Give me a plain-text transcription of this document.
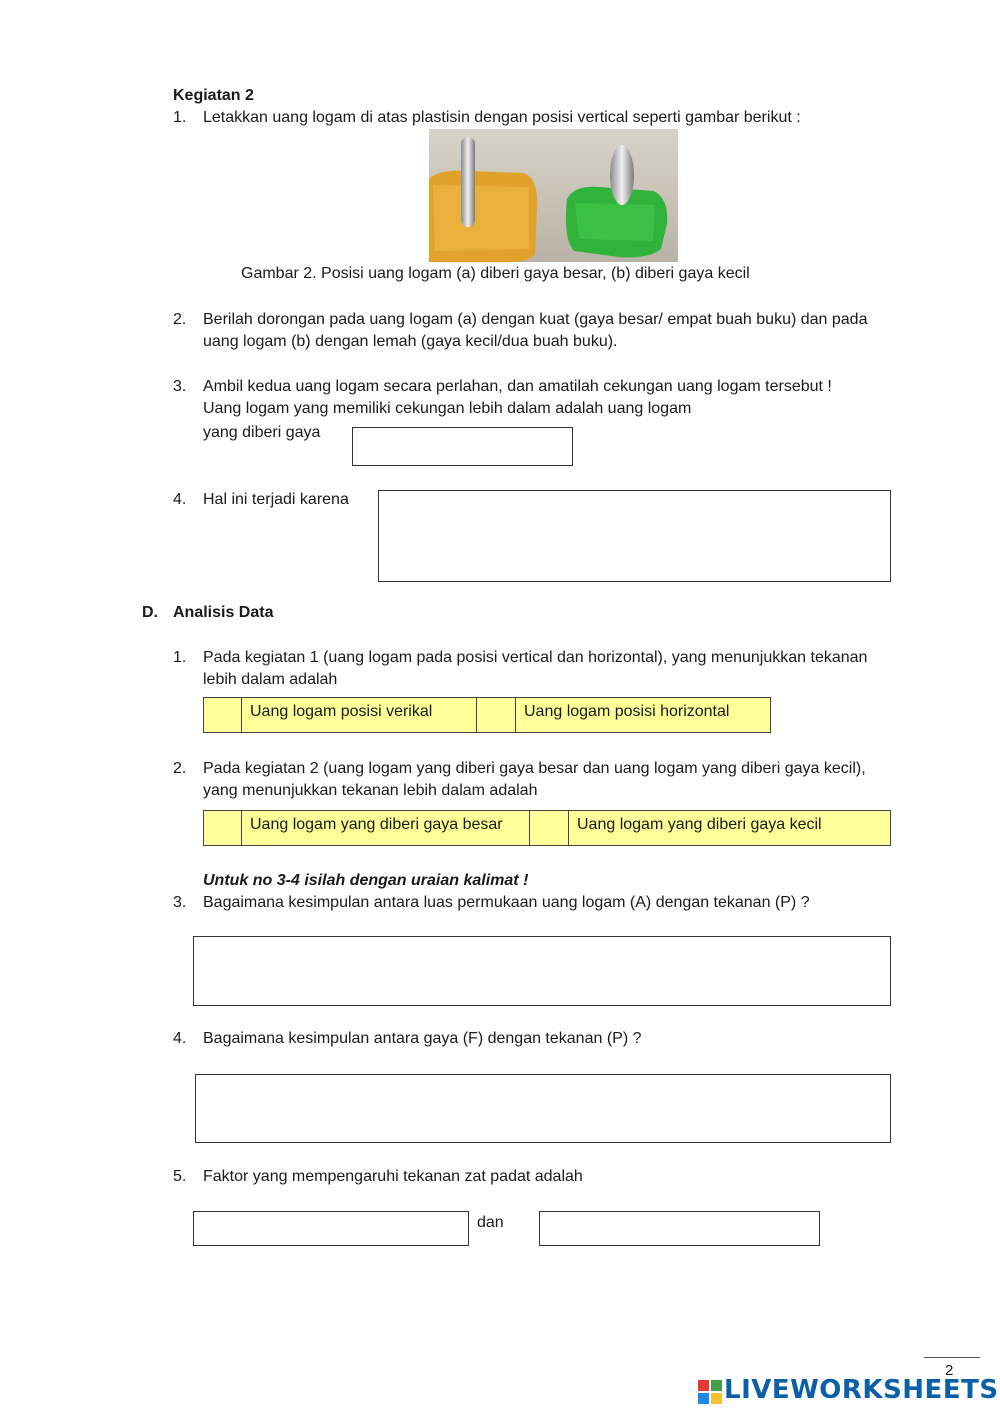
Kegiatan 2
1. Letakkan uang logam di atas plastisin dengan posisi vertical seperti gambar berikut :
Gambar 2. Posisi uang logam (a) diberi gaya besar, (b) diberi gaya kecil
2. Berilah dorongan pada uang logam (a) dengan kuat (gaya besar/ empat buah buku) dan pada
uang logam (b) dengan lemah (gaya kecil/dua buah buku).
3. Ambil kedua uang logam secara perlahan, dan amatilah cekungan uang logam tersebut !
Uang logam yang memiliki cekungan lebih dalam adalah uang logam
yang diberi gaya
4. Hal ini terjadi karena
D. Analisis Data
1. Pada kegiatan 1 (uang logam pada posisi vertical dan horizontal), yang menunjukkan tekanan
lebih dalam adalah
Uang logam posisi verikal	Uang logam posisi horizontal
2. Pada kegiatan 2 (uang logam yang diberi gaya besar dan uang logam yang diberi gaya kecil),
yang menunjukkan tekanan lebih dalam adalah
Uang logam yang diberi gaya besar	Uang logam yang diberi gaya kecil
Untuk no 3-4 isilah dengan uraian kalimat !
3. Bagaimana kesimpulan antara luas permukaan uang logam (A) dengan tekanan (P) ?
4. Bagaimana kesimpulan antara gaya (F) dengan tekanan (P) ?
5. Faktor yang mempengaruhi tekanan zat padat adalah
dan
2
LIVEWORKSHEETS
